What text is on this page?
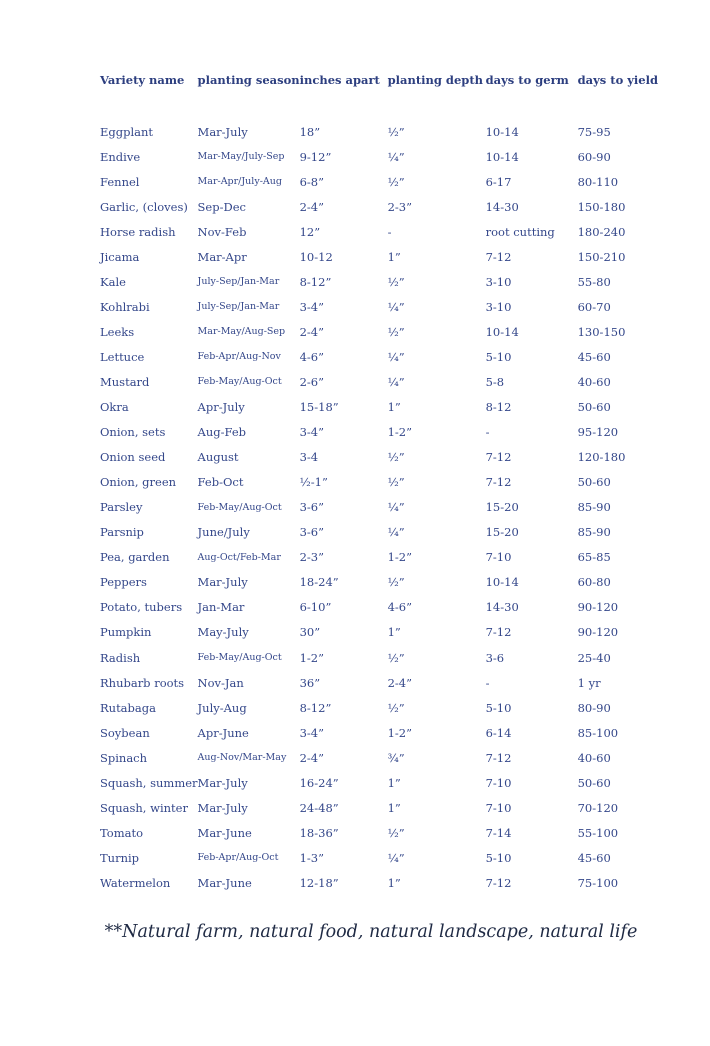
Variety name	planting season	inches apart	planting depth	days to germ	days to yield

Eggplant	Mar-July	18”	½”	10-14	75-95
Endive	Mar-May/July-Sep	9-12”	¼”	10-14	60-90
Fennel	Mar-Apr/July-Aug	6-8”	½”	6-17	80-110
Garlic, (cloves)	Sep-Dec	2-4”	2-3”	14-30	150-180
Horse radish	Nov-Feb	12”	-	root cutting	180-240
Jicama	Mar-Apr	10-12	1”	7-12	150-210
Kale	July-Sep/Jan-Mar	8-12”	½”	3-10	55-80
Kohlrabi	July-Sep/Jan-Mar	3-4”	¼”	3-10	60-70
Leeks	Mar-May/Aug-Sep	2-4”	½”	10-14	130-150
Lettuce	Feb-Apr/Aug-Nov	4-6”	¼”	5-10	45-60
Mustard	Feb-May/Aug-Oct	2-6”	¼”	5-8	40-60
Okra	Apr-July	15-18”	1”	8-12	50-60
Onion, sets	Aug-Feb	3-4”	1-2”	-	95-120
Onion seed	August	3-4	½”	7-12	120-180
Onion, green	Feb-Oct	½-1”	½”	7-12	50-60
Parsley	Feb-May/Aug-Oct	3-6”	¼”	15-20	85-90
Parsnip	June/July	3-6”	¼”	15-20	85-90
Pea, garden	Aug-Oct/Feb-Mar	2-3”	1-2”	7-10	65-85
Peppers	Mar-July	18-24”	½”	10-14	60-80
Potato, tubers	Jan-Mar	6-10”	4-6”	14-30	90-120
Pumpkin	May-July	30”	1”	7-12	90-120
Radish	Feb-May/Aug-Oct	1-2”	½”	3-6	25-40
Rhubarb roots	Nov-Jan	36”	2-4”	-	1 yr
Rutabaga	July-Aug	8-12”	½”	5-10	80-90
Soybean	Apr-June	3-4”	1-2”	6-14	85-100
Spinach	Aug-Nov/Mar-May	2-4”	¾”	7-12	40-60
Squash, summer	Mar-July	16-24”	1”	7-10	50-60
Squash, winter	Mar-July	24-48”	1”	7-10	70-120
Tomato	Mar-June	18-36”	½”	7-14	55-100
Turnip	Feb-Apr/Aug-Oct	1-3”	¼”	5-10	45-60
Watermelon	Mar-June	12-18”	1”	7-12	75-100
**Natural farm, natural food, natural landscape, natural life
